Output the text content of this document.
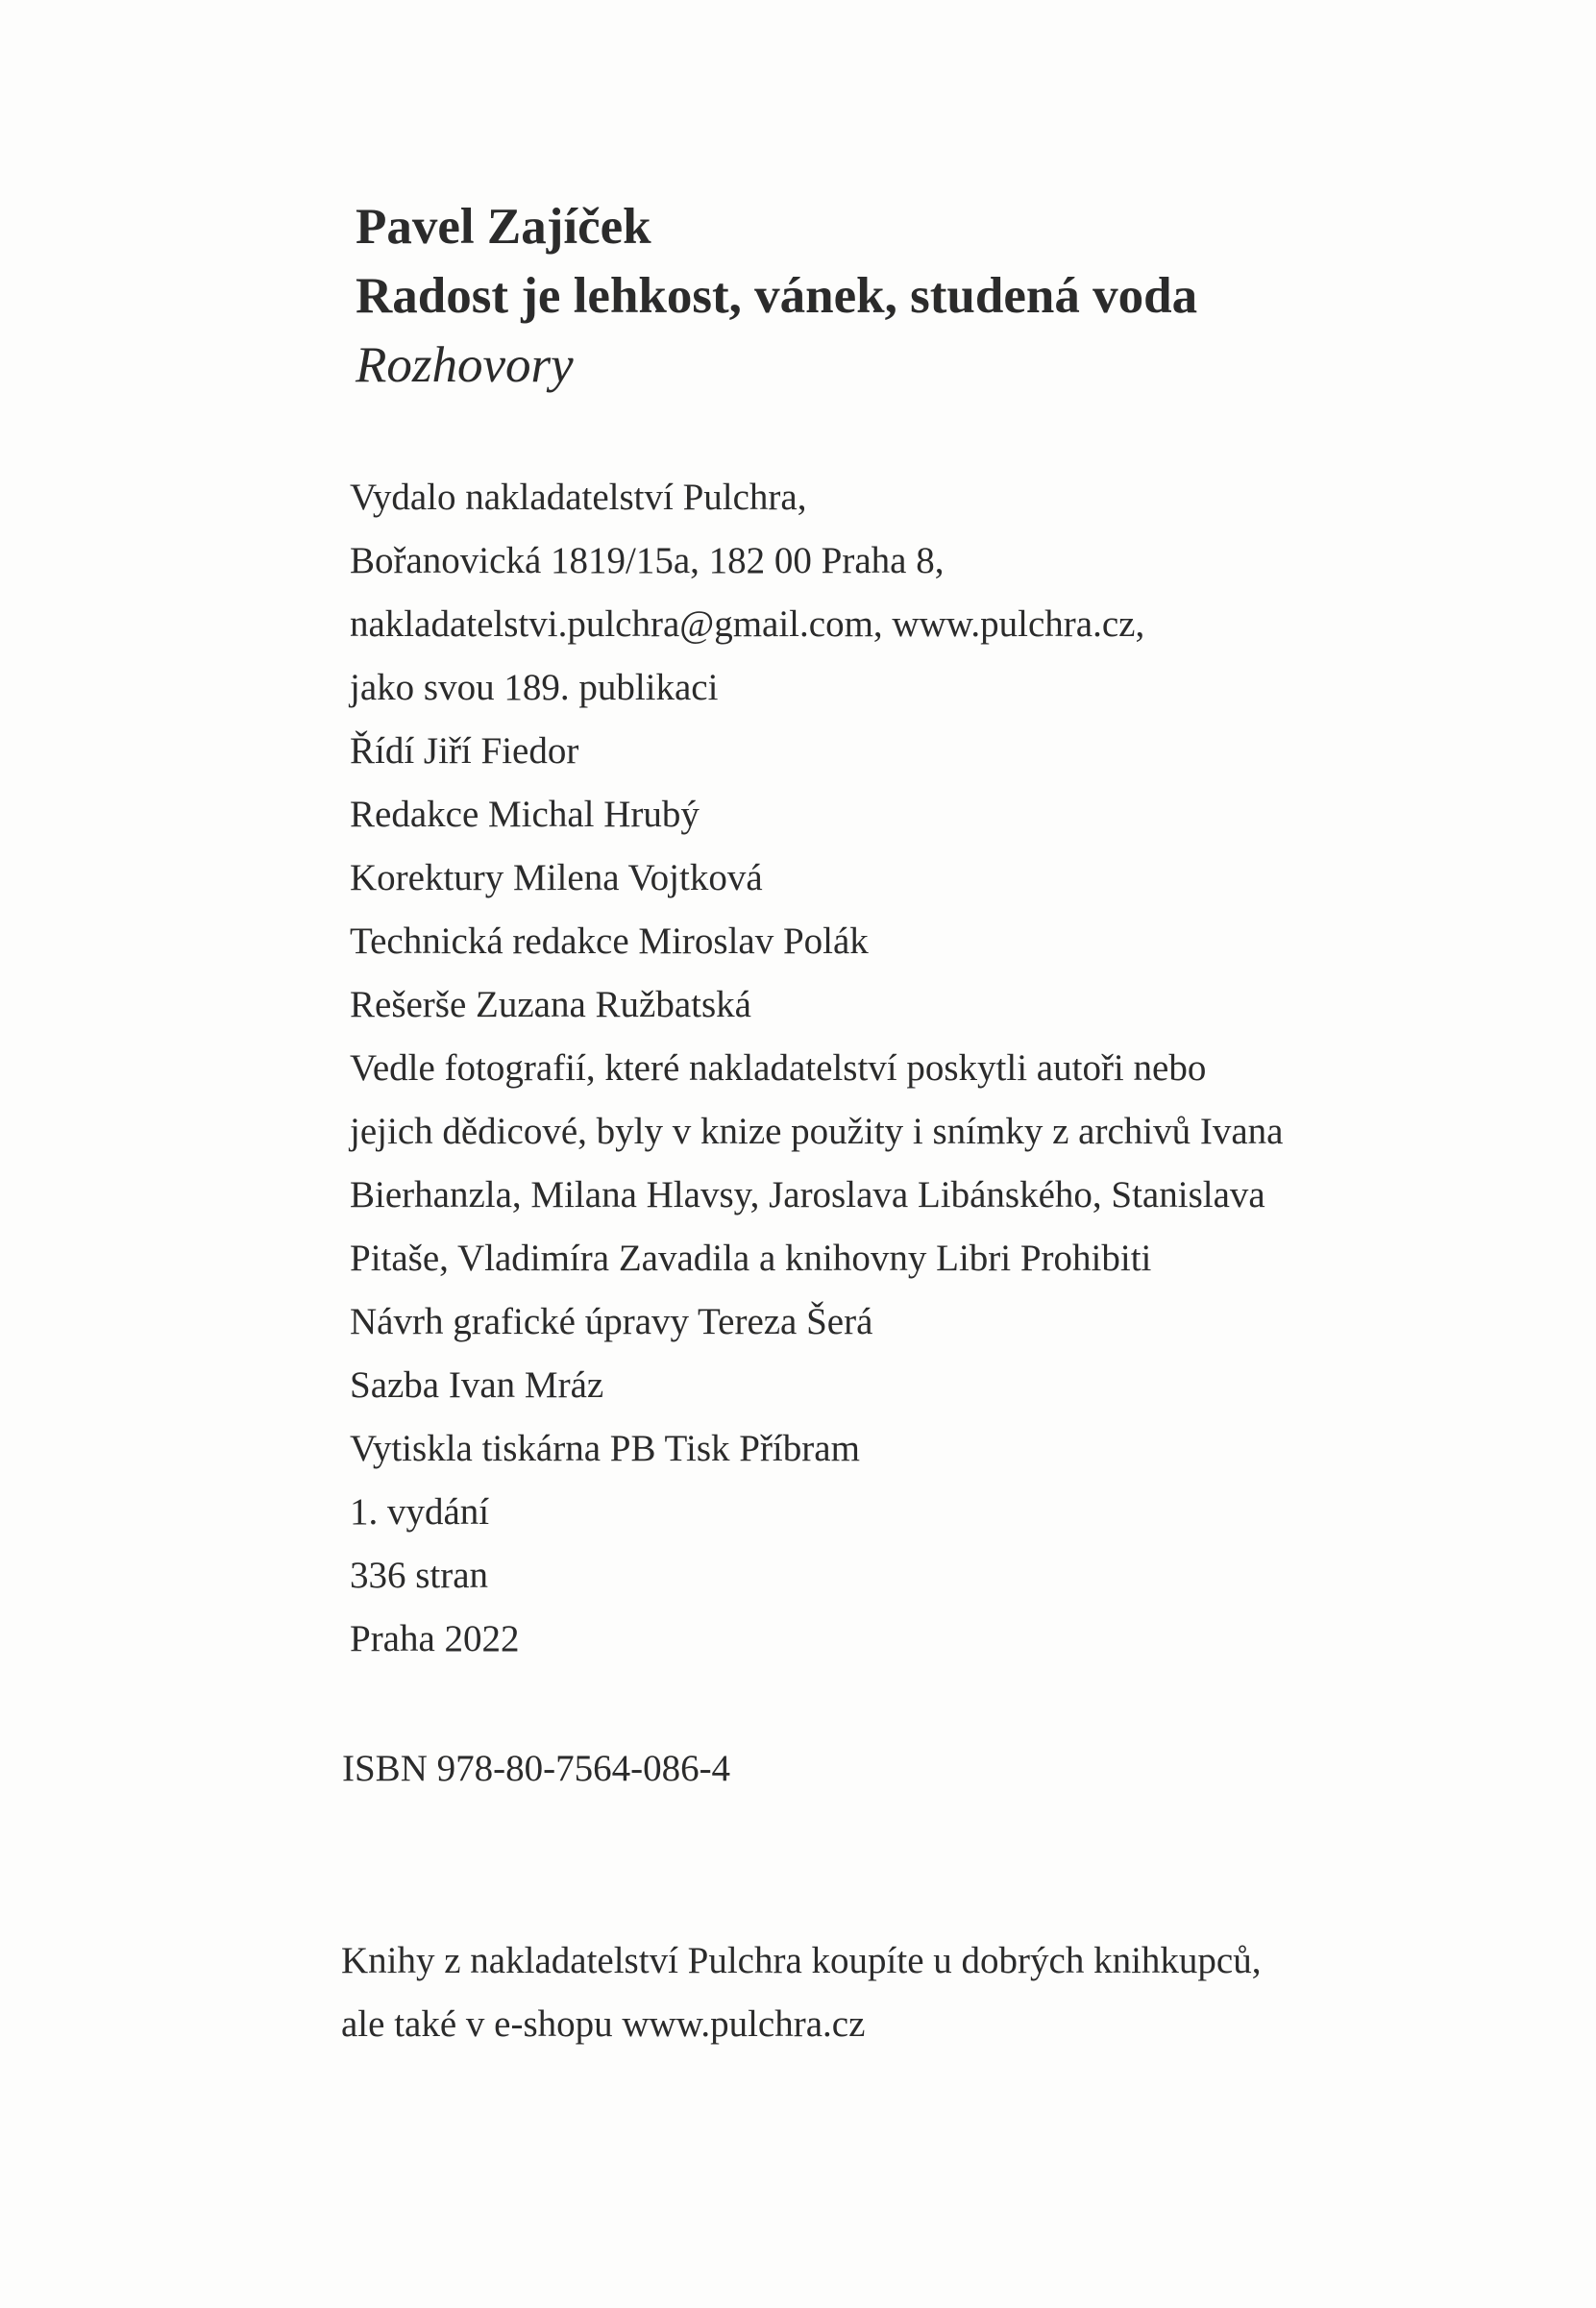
Pavel Zajíček
Radost je lehkost, vánek, studená voda
Rozhovory
Vydalo nakladatelství Pulchra,
Bořanovická 1819/15a, 182 00 Praha 8,
nakladatelstvi.pulchra@gmail.com, www.pulchra.cz,
jako svou 189. publikaci
Řídí Jiří Fiedor
Redakce Michal Hrubý
Korektury Milena Vojtková
Technická redakce Miroslav Polák
Rešerše Zuzana Ružbatská
Vedle fotografií, které nakladatelství poskytli autoři nebo
jejich dědicové, byly v knize použity i snímky z archivů Ivana
Bierhanzla, Milana Hlavsy, Jaroslava Libánského, Stanislava
Pitaše, Vladimíra Zavadila a knihovny Libri Prohibiti
Návrh grafické úpravy Tereza Šerá
Sazba Ivan Mráz
Vytiskla tiskárna PB Tisk Příbram
1. vydání
336 stran
Praha 2022
ISBN 978-80-7564-086-4
Knihy z nakladatelství Pulchra koupíte u dobrých knihkupců,
ale také v e-shopu www.pulchra.cz
